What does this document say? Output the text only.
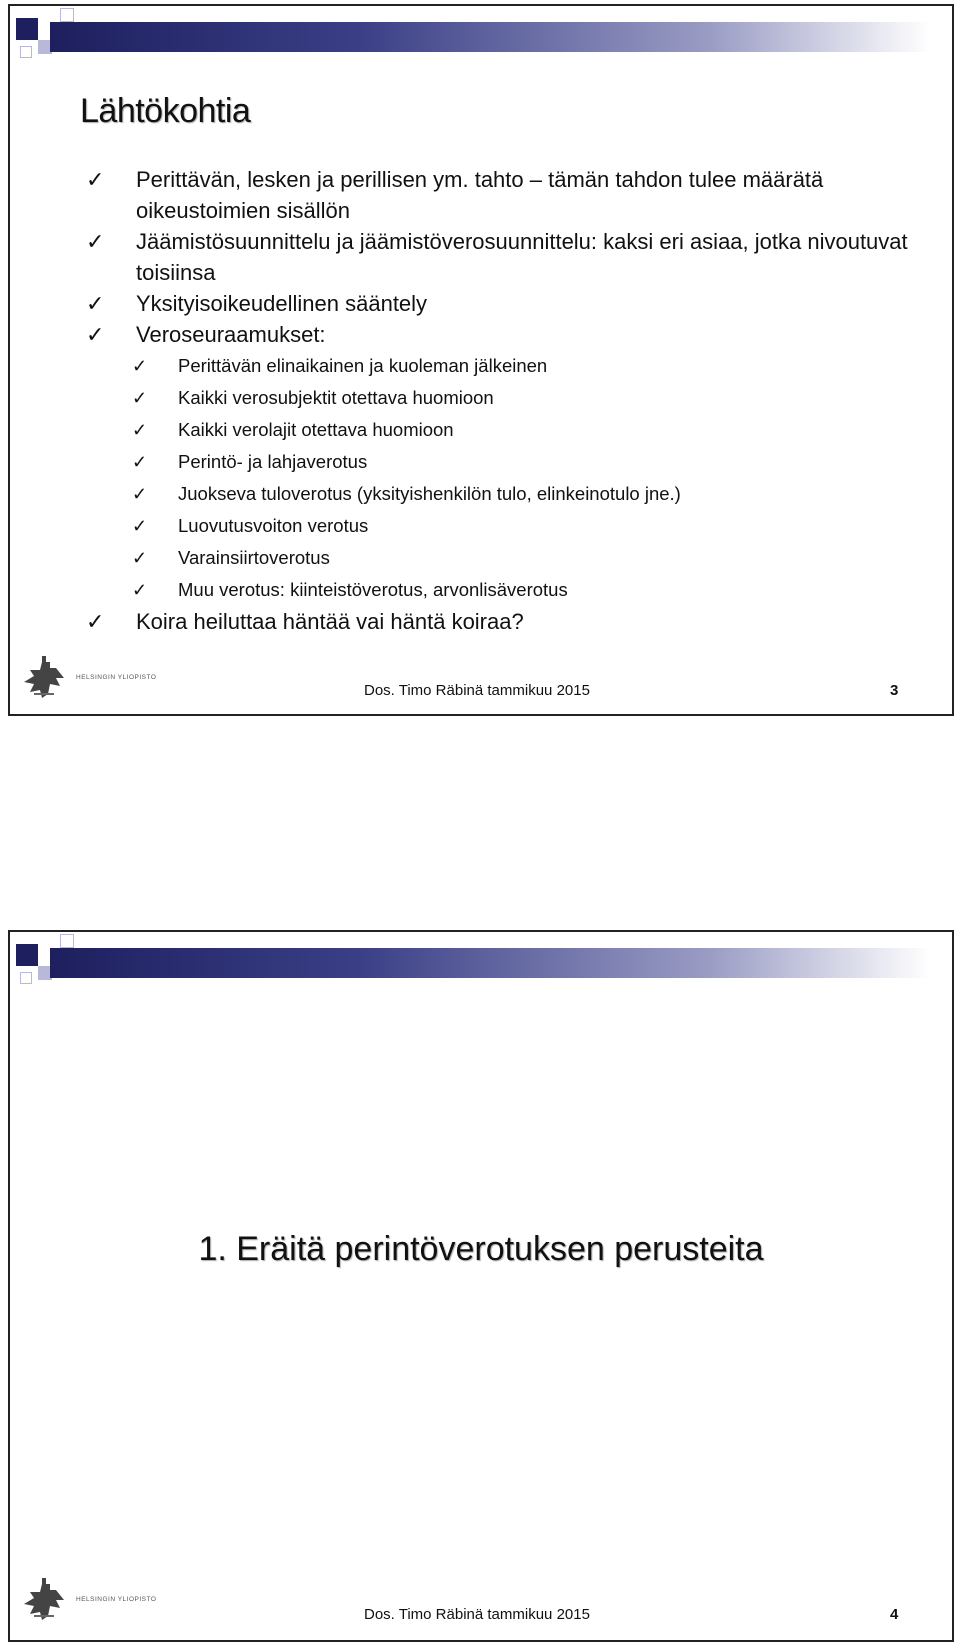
Lähtökohtia
✓ Perittävän, lesken ja perillisen ym. tahto – tämän tahdon tulee määrätä oikeustoimien sisällön
✓ Jäämistösuunnittelu ja jäämistöverosuunnittelu: kaksi eri asiaa, jotka nivoutuvat toisiinsa
✓ Yksityisoikeudellinen sääntely
✓ Veroseuraamukset:
✓ Perittävän elinaikainen ja kuoleman jälkeinen
✓ Kaikki verosubjektit otettava huomioon
✓ Kaikki verolajit otettava huomioon
✓ Perintö- ja lahjaverotus
✓ Juokseva tuloverotus (yksityishenkilön tulo, elinkeinotulo jne.)
✓ Luovutusvoiton verotus
✓ Varainsiirtoverotus
✓ Muu verotus: kiinteistöverotus, arvonlisäverotus
✓ Koira heiluttaa häntää vai häntä koiraa?
HELSINGIN YLIOPISTO
Dos. Timo Räbinä tammikuu 2015	3
1. Eräitä perintöverotuksen perusteita
HELSINGIN YLIOPISTO
Dos. Timo Räbinä tammikuu 2015	4
